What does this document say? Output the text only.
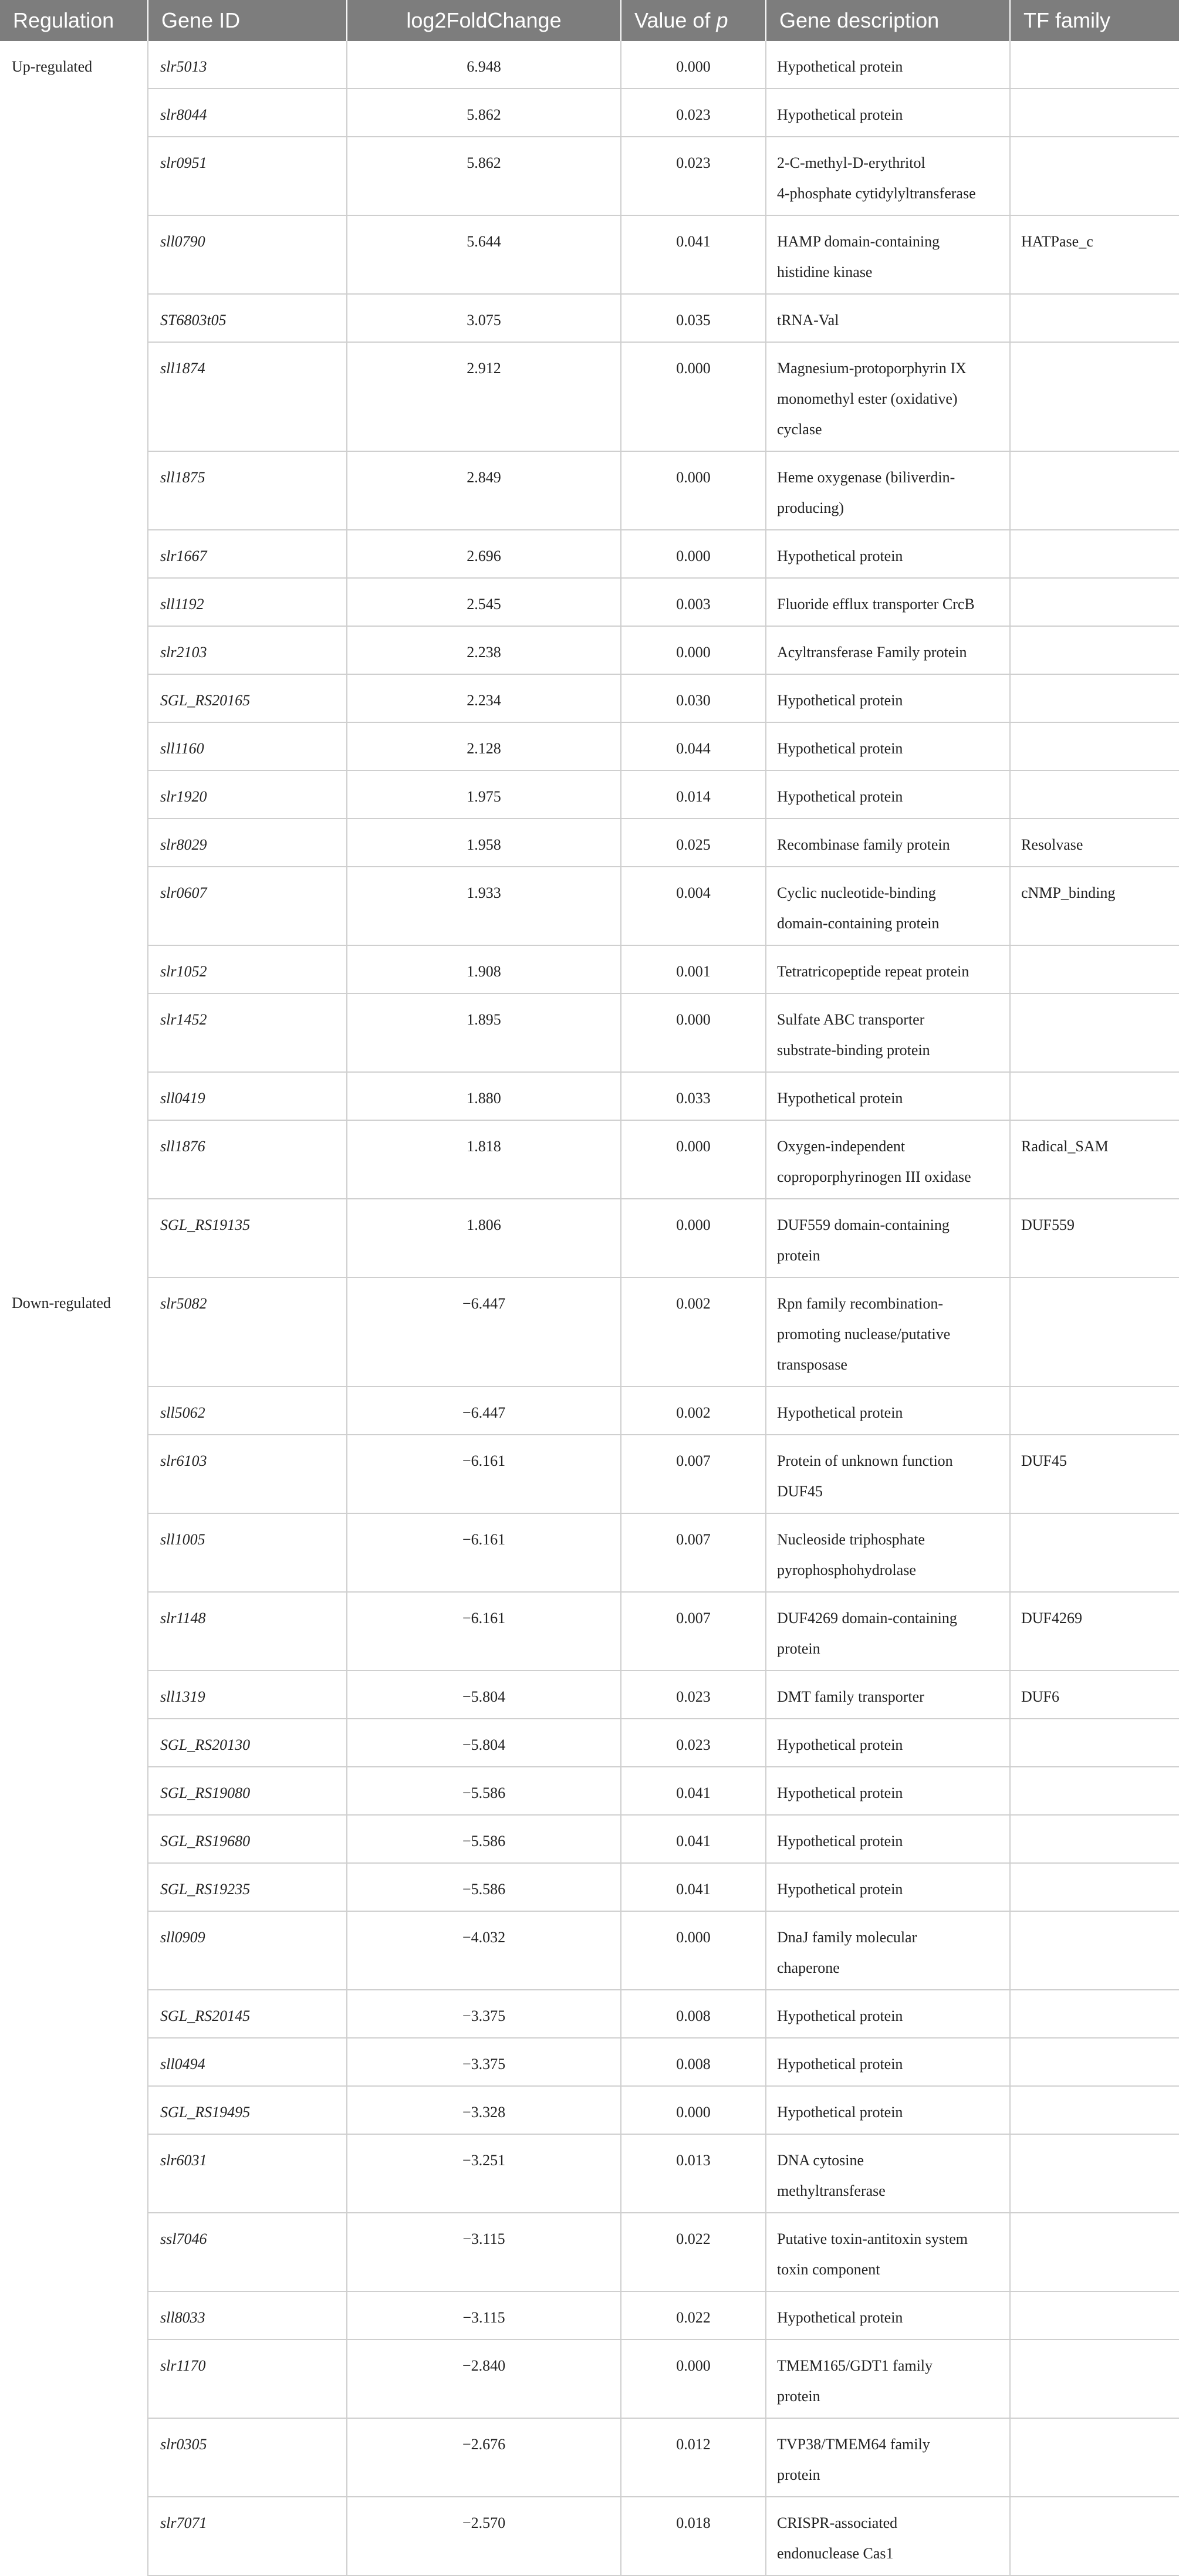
Regulation	Gene ID	log2FoldChange	Value of p	Gene description	TF family
Up-regulated	slr5013	6.948	0.000	Hypothetical protein	

	slr8044	5.862	0.023	Hypothetical protein	

	slr0951	5.862	0.023	2-C-methyl-D-erythritol
4-phosphate cytidylyltransferase	

	sll0790	5.644	0.041	HAMP domain-containing
histidine kinase	HATPase_c
	ST6803t05	3.075	0.035	tRNA-Val	

	sll1874	2.912	0.000	Magnesium-protoporphyrin IX
monomethyl ester (oxidative)
cyclase	

	sll1875	2.849	0.000	Heme oxygenase (biliverdin-
producing)	

	slr1667	2.696	0.000	Hypothetical protein	

	sll1192	2.545	0.003	Fluoride efflux transporter CrcB	

	slr2103	2.238	0.000	Acyltransferase Family protein	

	SGL_RS20165	2.234	0.030	Hypothetical protein	

	sll1160	2.128	0.044	Hypothetical protein	

	slr1920	1.975	0.014	Hypothetical protein	

	slr8029	1.958	0.025	Recombinase family protein	Resolvase
	slr0607	1.933	0.004	Cyclic nucleotide-binding
domain-containing protein	cNMP_binding
	slr1052	1.908	0.001	Tetratricopeptide repeat protein	

	slr1452	1.895	0.000	Sulfate ABC transporter
substrate-binding protein	

	sll0419	1.880	0.033	Hypothetical protein	

	sll1876	1.818	0.000	Oxygen-independent
coproporphyrinogen III oxidase	Radical_SAM
	SGL_RS19135	1.806	0.000	DUF559 domain-containing
protein	DUF559
Down-regulated	slr5082	−6.447	0.002	Rpn family recombination-
promoting nuclease/putative
transposase	

	sll5062	−6.447	0.002	Hypothetical protein	

	slr6103	−6.161	0.007	Protein of unknown function
DUF45	DUF45
	sll1005	−6.161	0.007	Nucleoside triphosphate
pyrophosphohydrolase	

	slr1148	−6.161	0.007	DUF4269 domain-containing
protein	DUF4269
	sll1319	−5.804	0.023	DMT family transporter	DUF6
	SGL_RS20130	−5.804	0.023	Hypothetical protein	

	SGL_RS19080	−5.586	0.041	Hypothetical protein	

	SGL_RS19680	−5.586	0.041	Hypothetical protein	

	SGL_RS19235	−5.586	0.041	Hypothetical protein	

	sll0909	−4.032	0.000	DnaJ family molecular
chaperone	

	SGL_RS20145	−3.375	0.008	Hypothetical protein	

	sll0494	−3.375	0.008	Hypothetical protein	

	SGL_RS19495	−3.328	0.000	Hypothetical protein	

	slr6031	−3.251	0.013	DNA cytosine
methyltransferase	

	ssl7046	−3.115	0.022	Putative toxin-antitoxin system
toxin component	

	sll8033	−3.115	0.022	Hypothetical protein	

	slr1170	−2.840	0.000	TMEM165/GDT1 family
protein	

	slr0305	−2.676	0.012	TVP38/TMEM64 family
protein	

	slr7071	−2.570	0.018	CRISPR-associated
endonuclease Cas1	
